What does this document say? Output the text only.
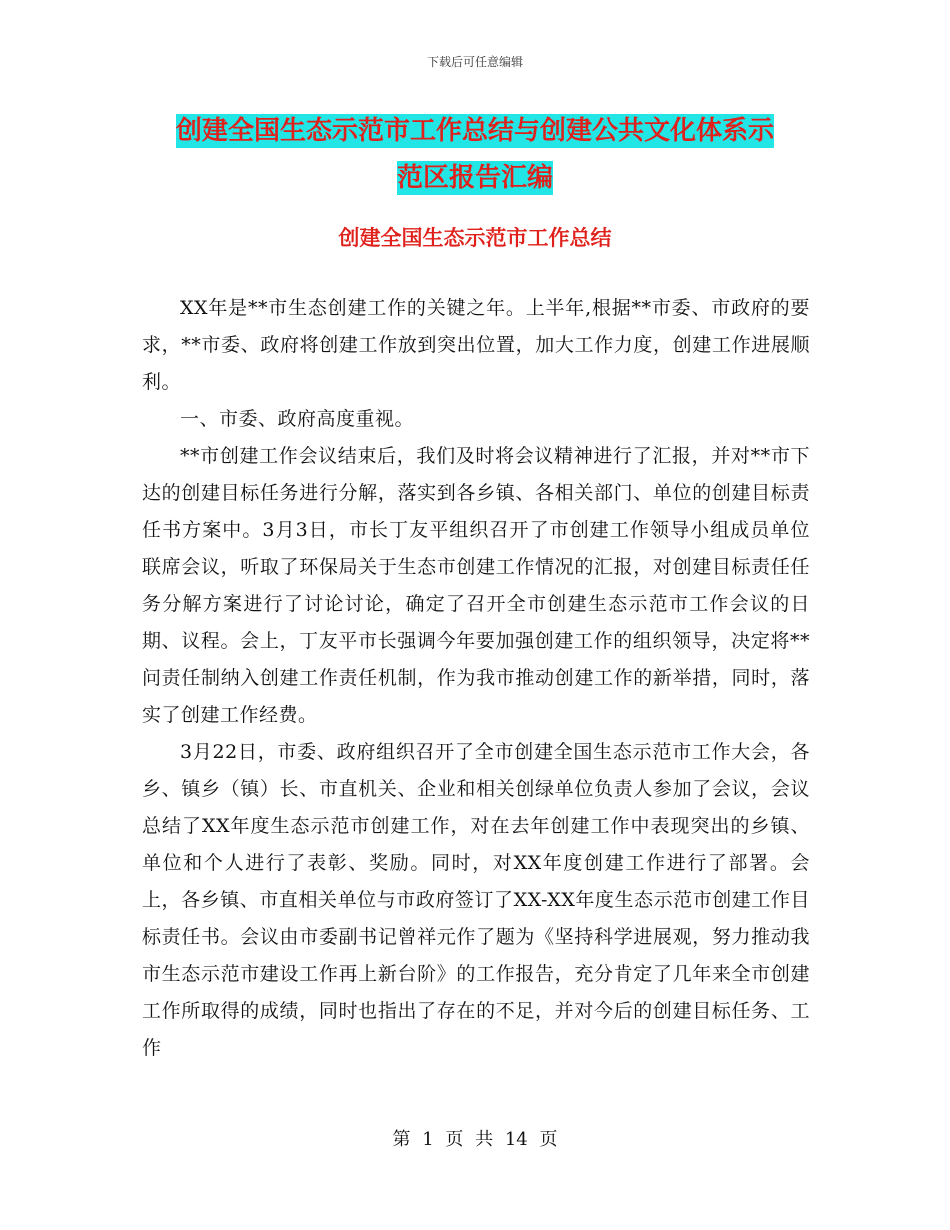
下载后可任意编辑
创建全国生态示范市工作总结与创建公共文化体系示
范区报告汇编
创建全国生态示范市工作总结

XX年是**市生态创建工作的关键之年。上半年,根据**市委、市政府的要求，**市委、政府将创建工作放到突出位置，加大工作力度，创建工作进展顺利。

一、市委、政府高度重视。

**市创建工作会议结束后，我们及时将会议精神进行了汇报，并对**市下达的创建目标任务进行分解，落实到各乡镇、各相关部门、单位的创建目标责任书方案中。3月3日，市长丁友平组织召开了市创建工作领导小组成员单位联席会议，听取了环保局关于生态市创建工作情况的汇报，对创建目标责任任务分解方案进行了讨论讨论，确定了召开全市创建生态示范市工作会议的日期、议程。会上，丁友平市长强调今年要加强创建工作的组织领导，决定将**问责任制纳入创建工作责任机制，作为我市推动创建工作的新举措，同时，落实了创建工作经费。

3月22日，市委、政府组织召开了全市创建全国生态示范市工作大会，各乡、镇乡（镇）长、市直机关、企业和相关创绿单位负责人参加了会议，会议总结了XX年度生态示范市创建工作，对在去年创建工作中表现突出的乡镇、单位和个人进行了表彰、奖励。同时，对XX年度创建工作进行了部署。会上，各乡镇、市直相关单位与市政府签订了XX-XX年度生态示范市创建工作目标责任书。会议由市委副书记曾祥元作了题为《坚持科学进展观，努力推动我市生态示范市建设工作再上新台阶》的工作报告，充分肯定了几年来全市创建工作所取得的成绩，同时也指出了存在的不足，并对今后的创建目标任务、工作

第 1 页 共 14 页
